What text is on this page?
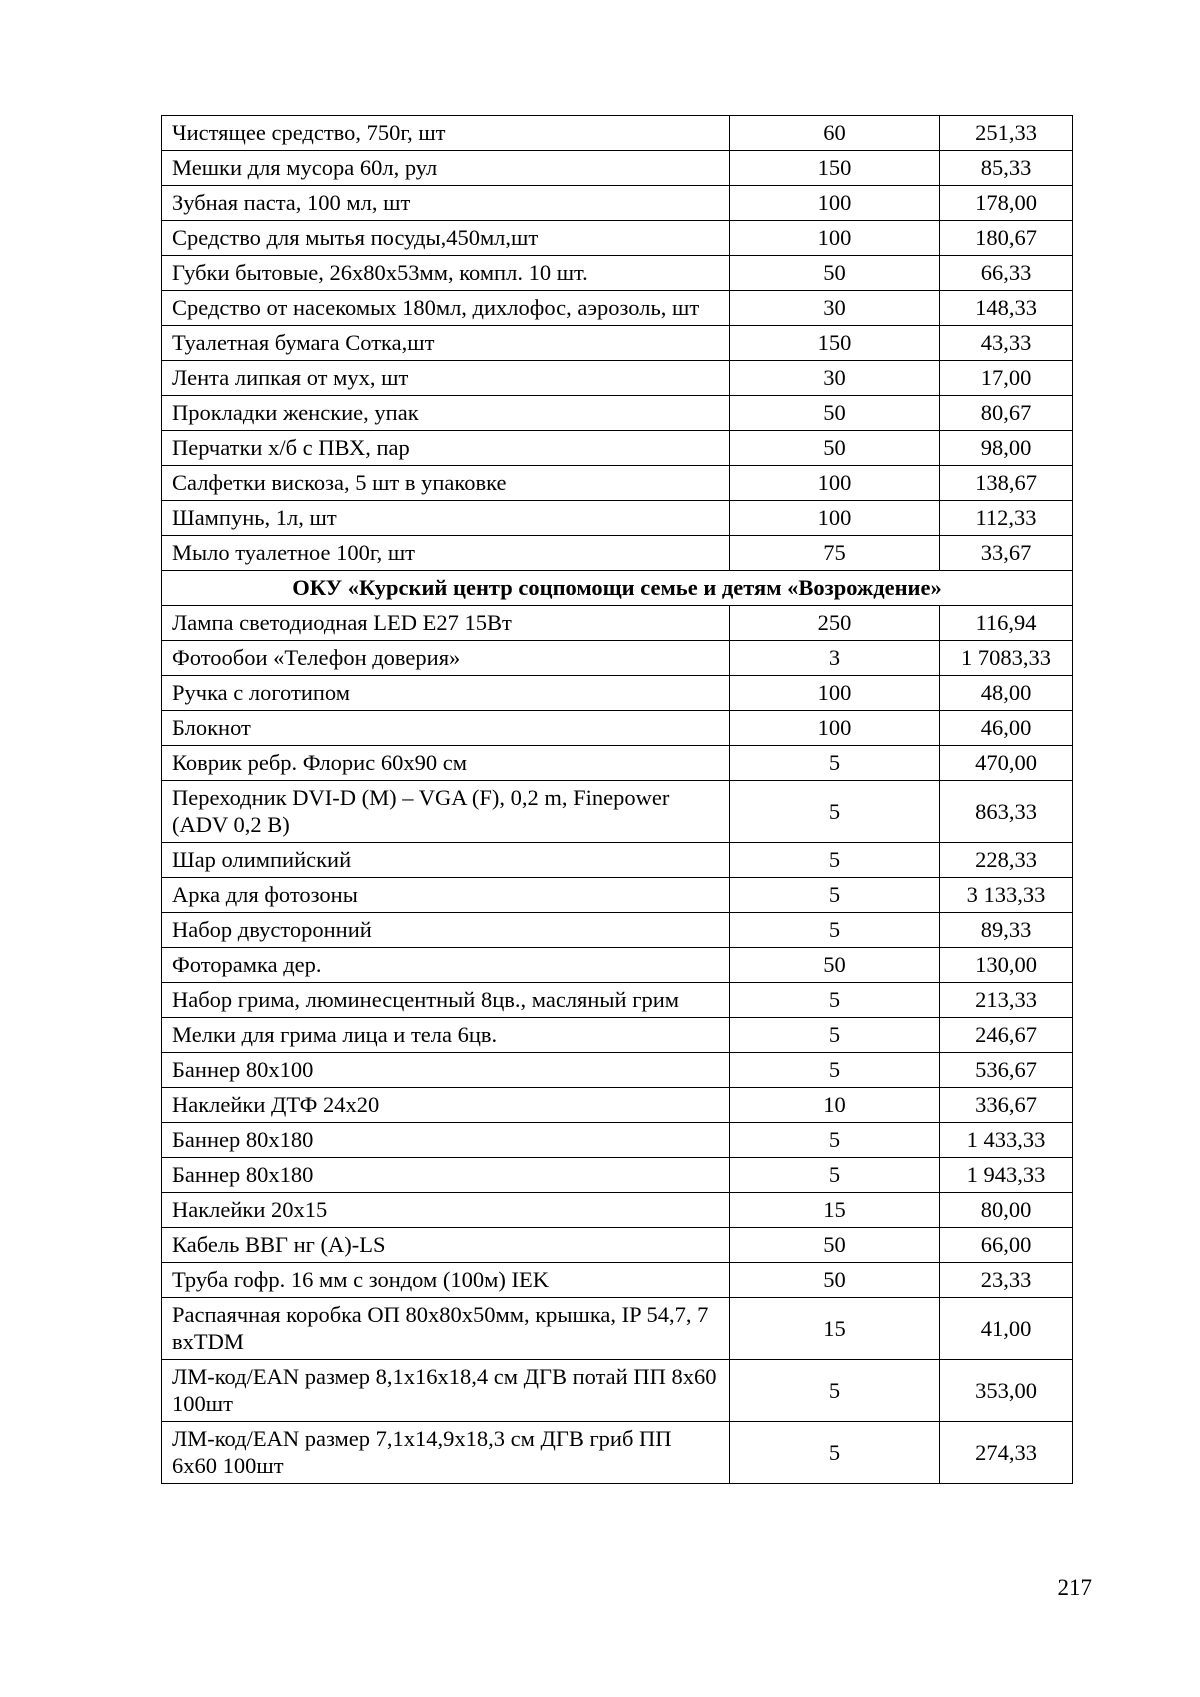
Чистящее средство, 750г, шт	60	251,33
Мешки для мусора 60л, рул	150	85,33
Зубная паста, 100 мл, шт	100	178,00
Средство для мытья посуды,450мл,шт	100	180,67
Губки бытовые, 26х80х53мм, компл. 10 шт.	50	66,33
Средство от насекомых 180мл, дихлофос, аэрозоль, шт	30	148,33
Туалетная бумага Сотка,шт	150	43,33
Лента липкая от мух, шт	30	17,00
Прокладки женские, упак	50	80,67
Перчатки х/б с ПВХ, пар	50	98,00
Салфетки вискоза, 5 шт в упаковке	100	138,67
Шампунь, 1л, шт	100	112,33
Мыло туалетное 100г, шт	75	33,67
ОКУ «Курский центр соцпомощи семье и детям «Возрождение»		
Лампа светодиодная LED E27 15Вт	250	116,94
Фотообои «Телефон доверия»	3	1 7083,33
Ручка с логотипом	100	48,00
Блокнот	100	46,00
Коврик ребр. Флорис 60х90 см	5	470,00
Переходник DVI-D (M) – VGA (F), 0,2 m, Finepower (ADV 0,2 B)	5	863,33
Шар олимпийский	5	228,33
Арка для фотозоны	5	3 133,33
Набор двусторонний	5	89,33
Фоторамка дер.	50	130,00
Набор грима, люминесцентный 8цв., масляный грим	5	213,33
Мелки для грима лица и тела 6цв.	5	246,67
Баннер 80х100	5	536,67
Наклейки ДТФ 24х20	10	336,67
Баннер 80х180	5	1 433,33
Баннер 80х180	5	1 943,33
Наклейки 20х15	15	80,00
Кабель ВВГ нг (А)-LS	50	66,00
Труба гофр. 16 мм с зондом (100м) IEK	50	23,33
Распаячная коробка ОП 80х80х50мм, крышка, IP 54,7, 7 вхTDM	15	41,00
ЛМ-код/EAN размер 8,1х16х18,4 см ДГВ потай ПП 8х60 100шт	5	353,00
ЛМ-код/EAN размер 7,1х14,9х18,3 см ДГВ гриб ПП 6х60 100шт	5	274,33
217
